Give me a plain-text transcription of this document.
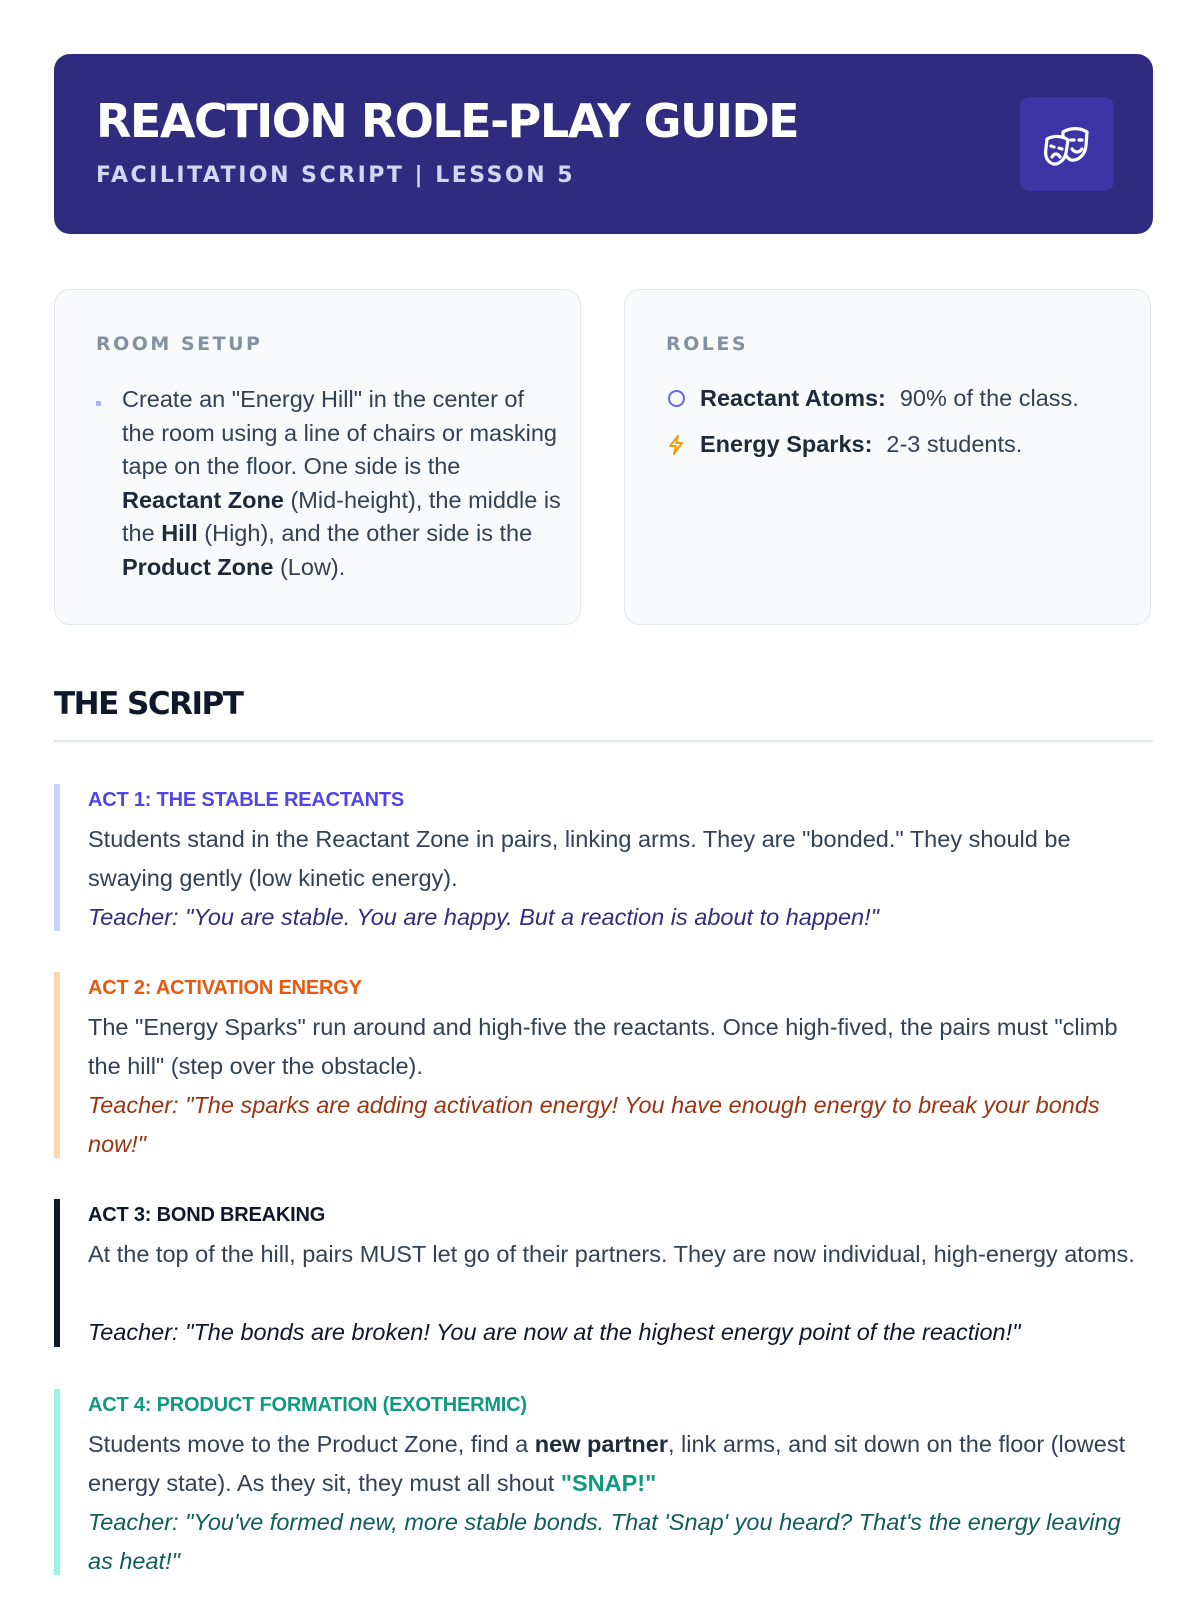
REACTION ROLE-PLAY GUIDE
FACILITATION SCRIPT | LESSON 5
ROOM SETUP
Create an "Energy Hill" in the center of the room using a line of chairs or masking tape on the floor. One side is the Reactant Zone (Mid-height), the middle is the Hill (High), and the other side is the Product Zone (Low).
ROLES
Reactant Atoms: 90% of the class.
Energy Sparks: 2-3 students.
THE SCRIPT
ACT 1: THE STABLE REACTANTS
Students stand in the Reactant Zone in pairs, linking arms. They are "bonded." They should be swaying gently (low kinetic energy).
Teacher: "You are stable. You are happy. But a reaction is about to happen!"
ACT 2: ACTIVATION ENERGY
The "Energy Sparks" run around and high-five the reactants. Once high-fived, the pairs must "climb the hill" (step over the obstacle).
Teacher: "The sparks are adding activation energy! You have enough energy to break your bonds now!"
ACT 3: BOND BREAKING
At the top of the hill, pairs MUST let go of their partners. They are now individual, high-energy atoms.
Teacher: "The bonds are broken! You are now at the highest energy point of the reaction!"
ACT 4: PRODUCT FORMATION (EXOTHERMIC)
Students move to the Product Zone, find a new partner, link arms, and sit down on the floor (lowest energy state). As they sit, they must all shout "SNAP!"
Teacher: "You've formed new, more stable bonds. That 'Snap' you heard? That's the energy leaving as heat!"
